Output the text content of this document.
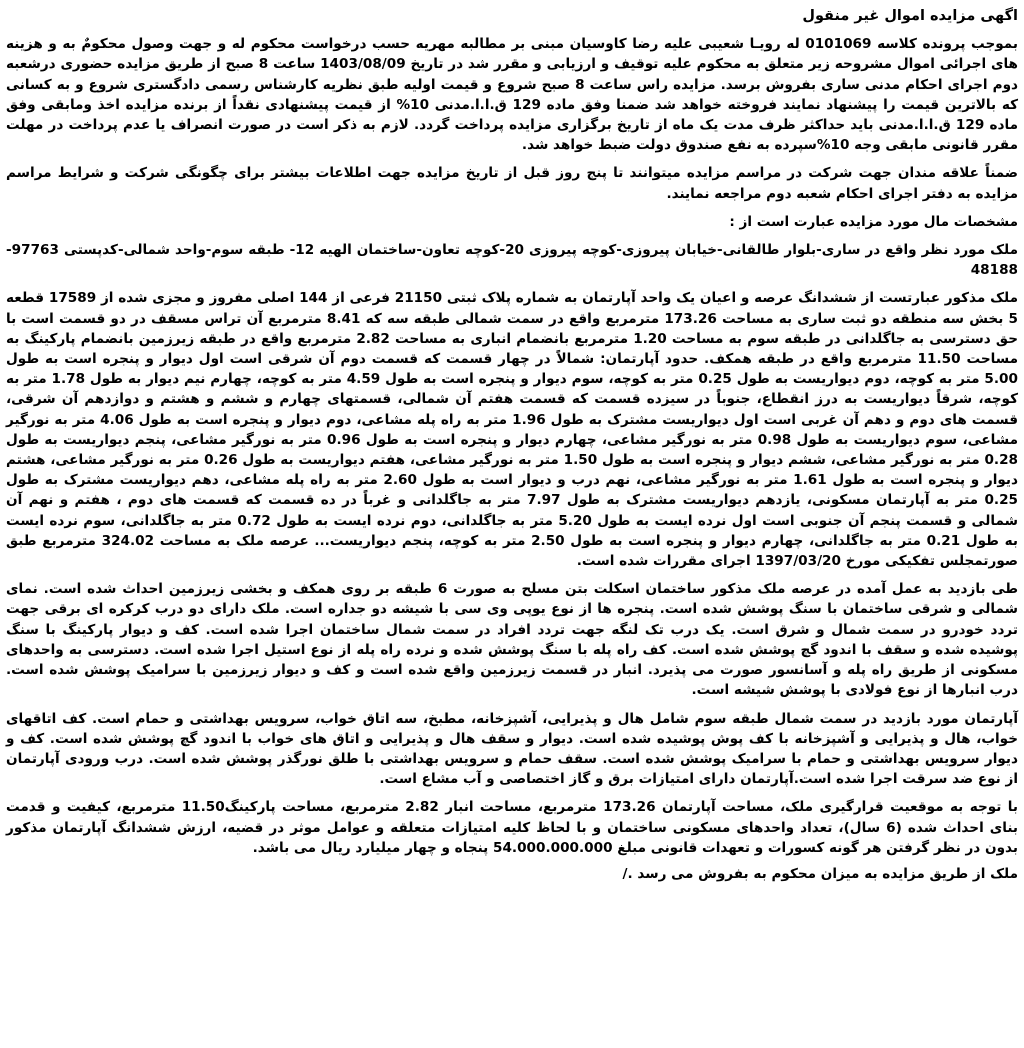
اگهی مزایده اموال غیر منقول
بموجب پرونده کلاسه 0101069 له رویـا شعیبی علیه رضا کاوسیان مبنی بر مطالبه مهریه حسب درخواست محکوم له و جهت وصول محکومٌ به و هزینه های اجرائی اموال مشروحه زیر متعلق به محکوم علیه توقیف و ارزیابی و مقرر شد در تاریخ 1403/08/09 ساعت 8 صبح از طریق مزایده حضوری درشعبه دوم اجرای احکام مدنی ساری بفروش برسد. مزایده راس ساعت 8 صبح شروع و قیمت اولیه طبق نظریه کارشناس رسمی دادگستری شروع و به کسانی که بالاترین قیمت را پیشنهاد نمایند فروخته خواهد شد ضمنا وفق ماده 129 ق.ا.ا.مدنی 10% از قیمت پیشنهادی نقداً از برنده مزایده اخذ ومابقی وفق ماده 129 ق.ا.ا.مدنی باید حداکثر ظرف مدت یک ماه از تاریخ برگزاری مزایده پرداخت گردد. لازم به ذکر است در صورت انصراف یا عدم پرداخت در مهلت مقرر قانونی مابقی وجه 10%سپرده به نفع صندوق دولت ضبط خواهد شد.
ضمناً علاقه مندان جهت شرکت در مراسم مزایده میتوانند تا پنج روز قبل از تاریخ مزایده جهت اطلاعات بیشتر برای چگونگی شرکت و شرایط مراسم مزایده به دفتر اجرای احکام شعبه دوم مراجعه نمایند.
مشخصات مال مورد مزایده عبارت است از :
ملک مورد نظر واقع در ساری-بلوار طالقانی-خیابان پیروزی-کوچه پیروزی 20-کوچه تعاون-ساختمان الهیه 12- طبقه سوم-واحد شمالی-کدپستی 97763-48188
ملک مذکور عبارتست از ششدانگ عرصه و اعیان یک واحد آپارتمان به شماره پلاک ثبتی 21150 فرعی از 144 اصلی مفروز و مجزی شده از 17589 قطعه 5 بخش سه منطقه دو ثبت ساری به مساحت 173.26 مترمربع واقع در سمت شمالی طبقه سه که 8.41 مترمربع آن تراس مسقف در دو قسمت است با حق دسترسی به جاگلدانی در طبقه سوم به مساحت 1.20 مترمربع بانضمام انباری به مساحت 2.82 مترمربع واقع در طبقه زیرزمین بانضمام پارکینگ به مساحت 11.50 مترمربع واقع در طبقه همکف. حدود آپارتمان: شمالاً در چهار قسمت که قسمت دوم آن شرقی است اول دیوار و پنجره است به طول 5.00 متر به کوچه، دوم دیواریست به طول 0.25 متر به کوچه، سوم دیوار و پنجره است به طول 4.59 متر به کوچه، چهارم نیم دیوار به طول 1.78 متر به کوچه، شرقاً دیواریست به درز انقطاع، جنوباً در سیزده قسمت که قسمت هفتم آن شمالی، قسمتهای چهارم و ششم و هشتم و دوازدهم آن شرقی، قسمت های دوم و دهم آن غربی است اول دیواریست مشترک به طول 1.96 متر به راه پله مشاعی، دوم دیوار و پنجره است به طول 4.06 متر به نورگیر مشاعی، سوم دیواریست به طول 0.98 متر به نورگیر مشاعی، چهارم دیوار و پنجره است به طول 0.96 متر به نورگیر مشاعی، پنجم دیواریست به طول 0.28 متر به نورگیر مشاعی، ششم دیوار و پنجره است به طول 1.50 متر به نورگیر مشاعی، هفتم دیواریست به طول 0.26 متر به نورگیر مشاعی، هشتم دیوار و پنجره است به طول 1.61 متر به نورگیر مشاعی، نهم درب و دیوار است به طول 2.60 متر به راه پله مشاعی، دهم دیواریست مشترک به طول 0.25 متر به آپارتمان مسکونی، یازدهم دیواریست مشترک به طول 7.97 متر به جاگلدانی و غرباً در ده قسمت که قسمت های دوم ، هفتم و نهم آن شمالی و قسمت پنجم آن جنوبی است اول نرده ایست به طول 5.20 متر به جاگلدانی، دوم نرده ایست به طول 0.72 متر به جاگلدانی، سوم نرده ایست به طول 0.21 متر به جاگلدانی، چهارم دیوار و پنجره است به طول 2.50 متر به کوچه، پنجم دیواریست... عرصه ملک به مساحت 324.02 مترمربع طبق صورتمجلس تفکیکی مورخ 1397/03/20 اجرای مقررات شده است.
طی بازدید به عمل آمده در عرصه ملک مذکور ساختمان اسکلت بتن مسلح به صورت 6 طبقه بر روی همکف و بخشی زیرزمین احداث شده است. نمای شمالی و شرقی ساختمان با سنگ پوشش شده است. پنجره ها از نوع یوپی وی سی با شیشه دو جداره است. ملک دارای دو درب کرکره ای برقی جهت تردد خودرو در سمت شمال و شرق است. یک درب تک لنگه جهت تردد افراد در سمت شمال ساختمان اجرا شده است. کف و دیوار پارکینگ با سنگ پوشیده شده و سقف با اندود گچ پوشش شده است. کف راه پله با سنگ پوشش شده و نرده راه پله از نوع استیل اجرا شده است. دسترسی به واحدهای مسکونی از طریق راه پله و آسانسور صورت می پذیرد. انبار در قسمت زیرزمین واقع شده است و کف و دیوار زیرزمین با سرامیک پوشش شده است. درب انبارها از نوع فولادی با پوشش شیشه است.
آپارتمان مورد بازدید در سمت شمال طبقه سوم شامل هال و پذیرایی، آشپزخانه، مطبخ، سه اتاق خواب، سرویس بهداشتی و حمام است. کف اتاقهای خواب، هال و پذیرایی و آشپزخانه با کف پوش پوشیده شده است. دیوار و سقف هال و پذیرایی و اتاق های خواب با اندود گچ پوشش شده است. کف و دیوار سرویس بهداشتی و حمام با سرامیک پوشش شده است. سقف حمام و سرویس بهداشتی با طلق نورگذر پوشش شده است. درب ورودی آپارتمان از نوع ضد سرقت اجرا شده است.آپارتمان دارای امتیازات برق و گاز اختصاصی و آب مشاع است.
با توجه به موقعیت قرارگیری ملک، مساحت آپارتمان 173.26 مترمربع، مساحت انبار 2.82 مترمربع، مساحت پارکینگ11.50 مترمربع، کیفیت و قدمت بنای احداث شده (6 سال)، تعداد واحدهای مسکونی ساختمان و با لحاظ کلیه امتیازات متعلقه و عوامل موثر در قضیه، ارزش ششدانگ آپارتمان مذکور بدون در نظر گرفتن هر گونه کسورات و تعهدات قانونی مبلغ 54.000.000.000 پنجاه و چهار میلیارد ریال می باشد.
ملک از طریق مزایده به میزان محکوم به بفروش می رسد ./
